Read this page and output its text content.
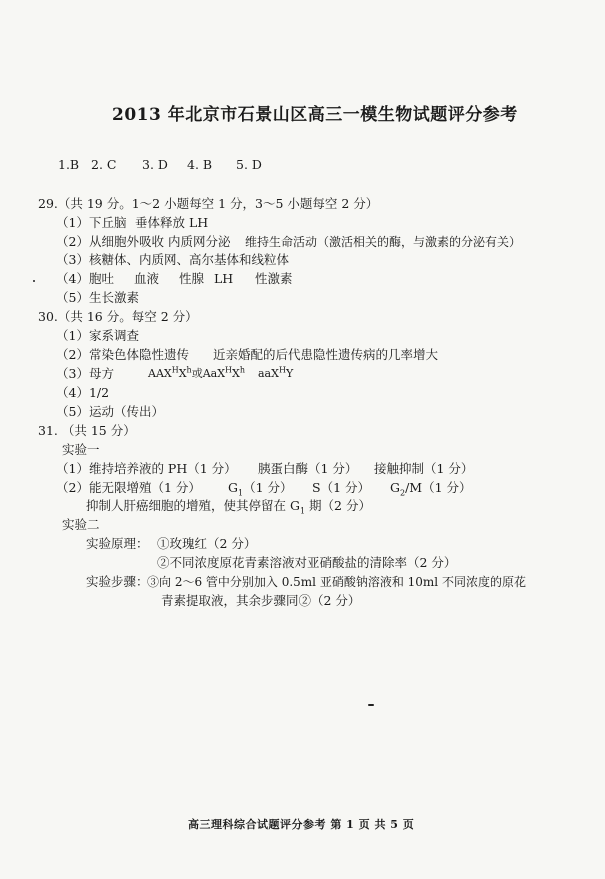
2013 年北京市石景山区高三一模生物试题评分参考
1.B 2. C 3. D 4. B 5. D
29.（共 19 分。1～2 小题每空 1 分，3～5 小题每空 2 分）
（1）下丘脑 垂体释放 LH
（2）从细胞外吸收 内质网分泌 维持生命活动（激活相关的酶，与激素的分泌有关）
（3）核糖体、内质网、高尔基体和线粒体
（4）胞吐 血液 性腺 LH 性激素
（5）生长激素
30.（共 16 分。每空 2 分）
（1）家系调查
（2）常染色体隐性遗传 近亲婚配的后代患隐性遗传病的几率增大
（3）母方	$AAX^HX^h$或$AaX^HX^h$ aaX$^H$Y
（4）1/2
（5）运动（传出）
31. （共 15 分）
实验一
（1）维持培养液的 PH（1 分） 胰蛋白酶（1 分） 接触抑制（1 分）
（2）能无限增殖（1 分） $G_1(1$ 分） S（1 分） $G_2/M(1$ 分）
抑制人肝癌细胞的增殖，使其停留在 $G_1$ 期（2 分）
实验二
实验原理： ①玫瑰红（2 分）
②不同浓度原花青素溶液对亚硝酸盐的清除率（2 分）
实验步骤：
③向 2～6 管中分别加入 0.5ml 亚硝酸钠溶液和 10ml 不同浓度的原花
青素提取液，其余步骤同②（2 分）
高三理科综合试题评分参考 第 1 页 共 5 页
